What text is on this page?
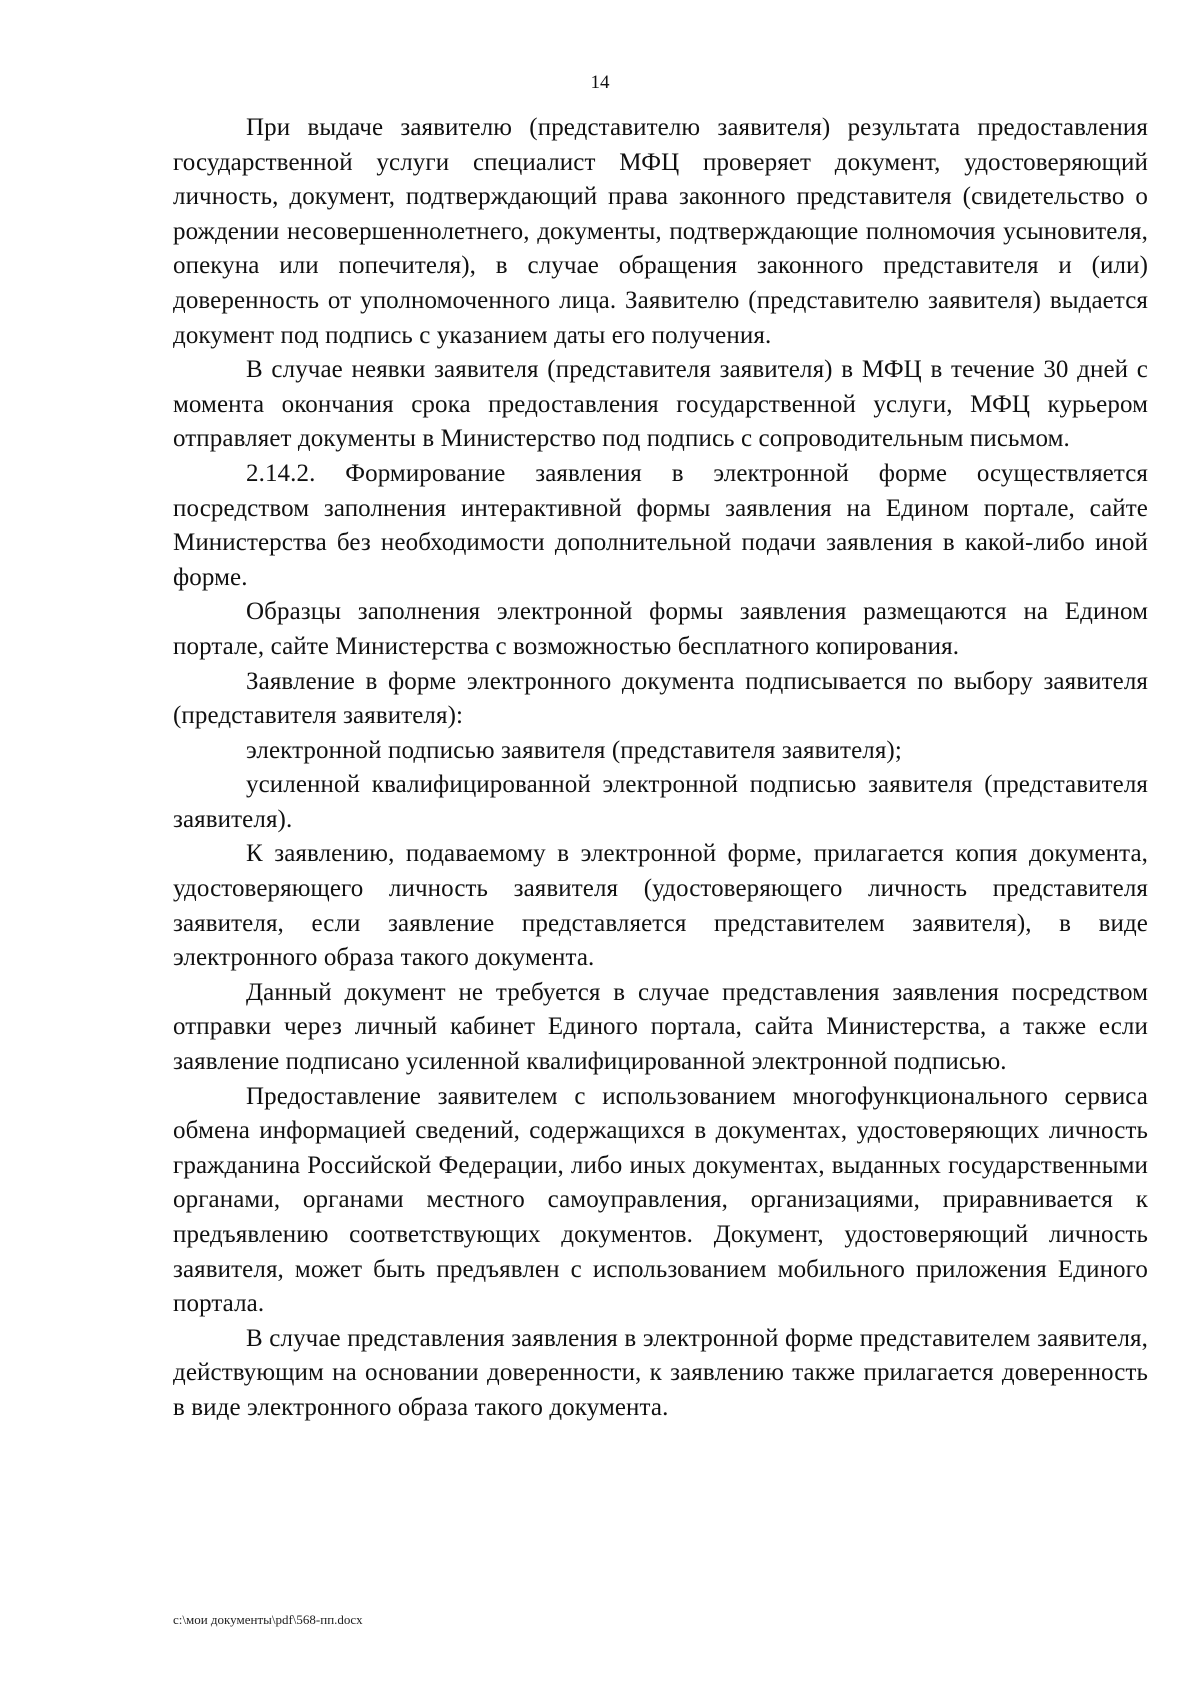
14

При выдаче заявителю (представителю заявителя) результата предоставления государственной услуги специалист МФЦ проверяет документ, удостоверяющий личность, документ, подтверждающий права законного представителя (свидетельство о рождении несовершеннолетнего, документы, подтверждающие полномочия усыновителя, опекуна или попечителя), в случае обращения законного представителя и (или) доверенность от уполномоченного лица. Заявителю (представителю заявителя) выдается документ под подпись с указанием даты его получения.

В случае неявки заявителя (представителя заявителя) в МФЦ в течение 30 дней с момента окончания срока предоставления государственной услуги, МФЦ курьером отправляет документы в Министерство под подпись с сопроводительным письмом.

2.14.2. Формирование заявления в электронной форме осуществляется посредством заполнения интерактивной формы заявления на Едином портале, сайте Министерства без необходимости дополнительной подачи заявления в какой-либо иной форме.

Образцы заполнения электронной формы заявления размещаются на Едином портале, сайте Министерства с возможностью бесплатного копирования.

Заявление в форме электронного документа подписывается по выбору заявителя (представителя заявителя):

электронной подписью заявителя (представителя заявителя);

усиленной квалифицированной электронной подписью заявителя (представителя заявителя).

К заявлению, подаваемому в электронной форме, прилагается копия документа, удостоверяющего личность заявителя (удостоверяющего личность представителя заявителя, если заявление представляется представителем заявителя), в виде электронного образа такого документа.

Данный документ не требуется в случае представления заявления посредством отправки через личный кабинет Единого портала, сайта Министерства, а также если заявление подписано усиленной квалифицированной электронной подписью.

Предоставление заявителем с использованием многофункционального сервиса обмена информацией сведений, содержащихся в документах, удостоверяющих личность гражданина Российской Федерации, либо иных документах, выданных государственными органами, органами местного самоуправления, организациями, приравнивается к предъявлению соответствующих документов. Документ, удостоверяющий личность заявителя, может быть предъявлен с использованием мобильного приложения Единого портала.

В случае представления заявления в электронной форме представителем заявителя, действующим на основании доверенности, к заявлению также прилагается доверенность в виде электронного образа такого документа.

c:\мои документы\pdf\568-пп.docx
